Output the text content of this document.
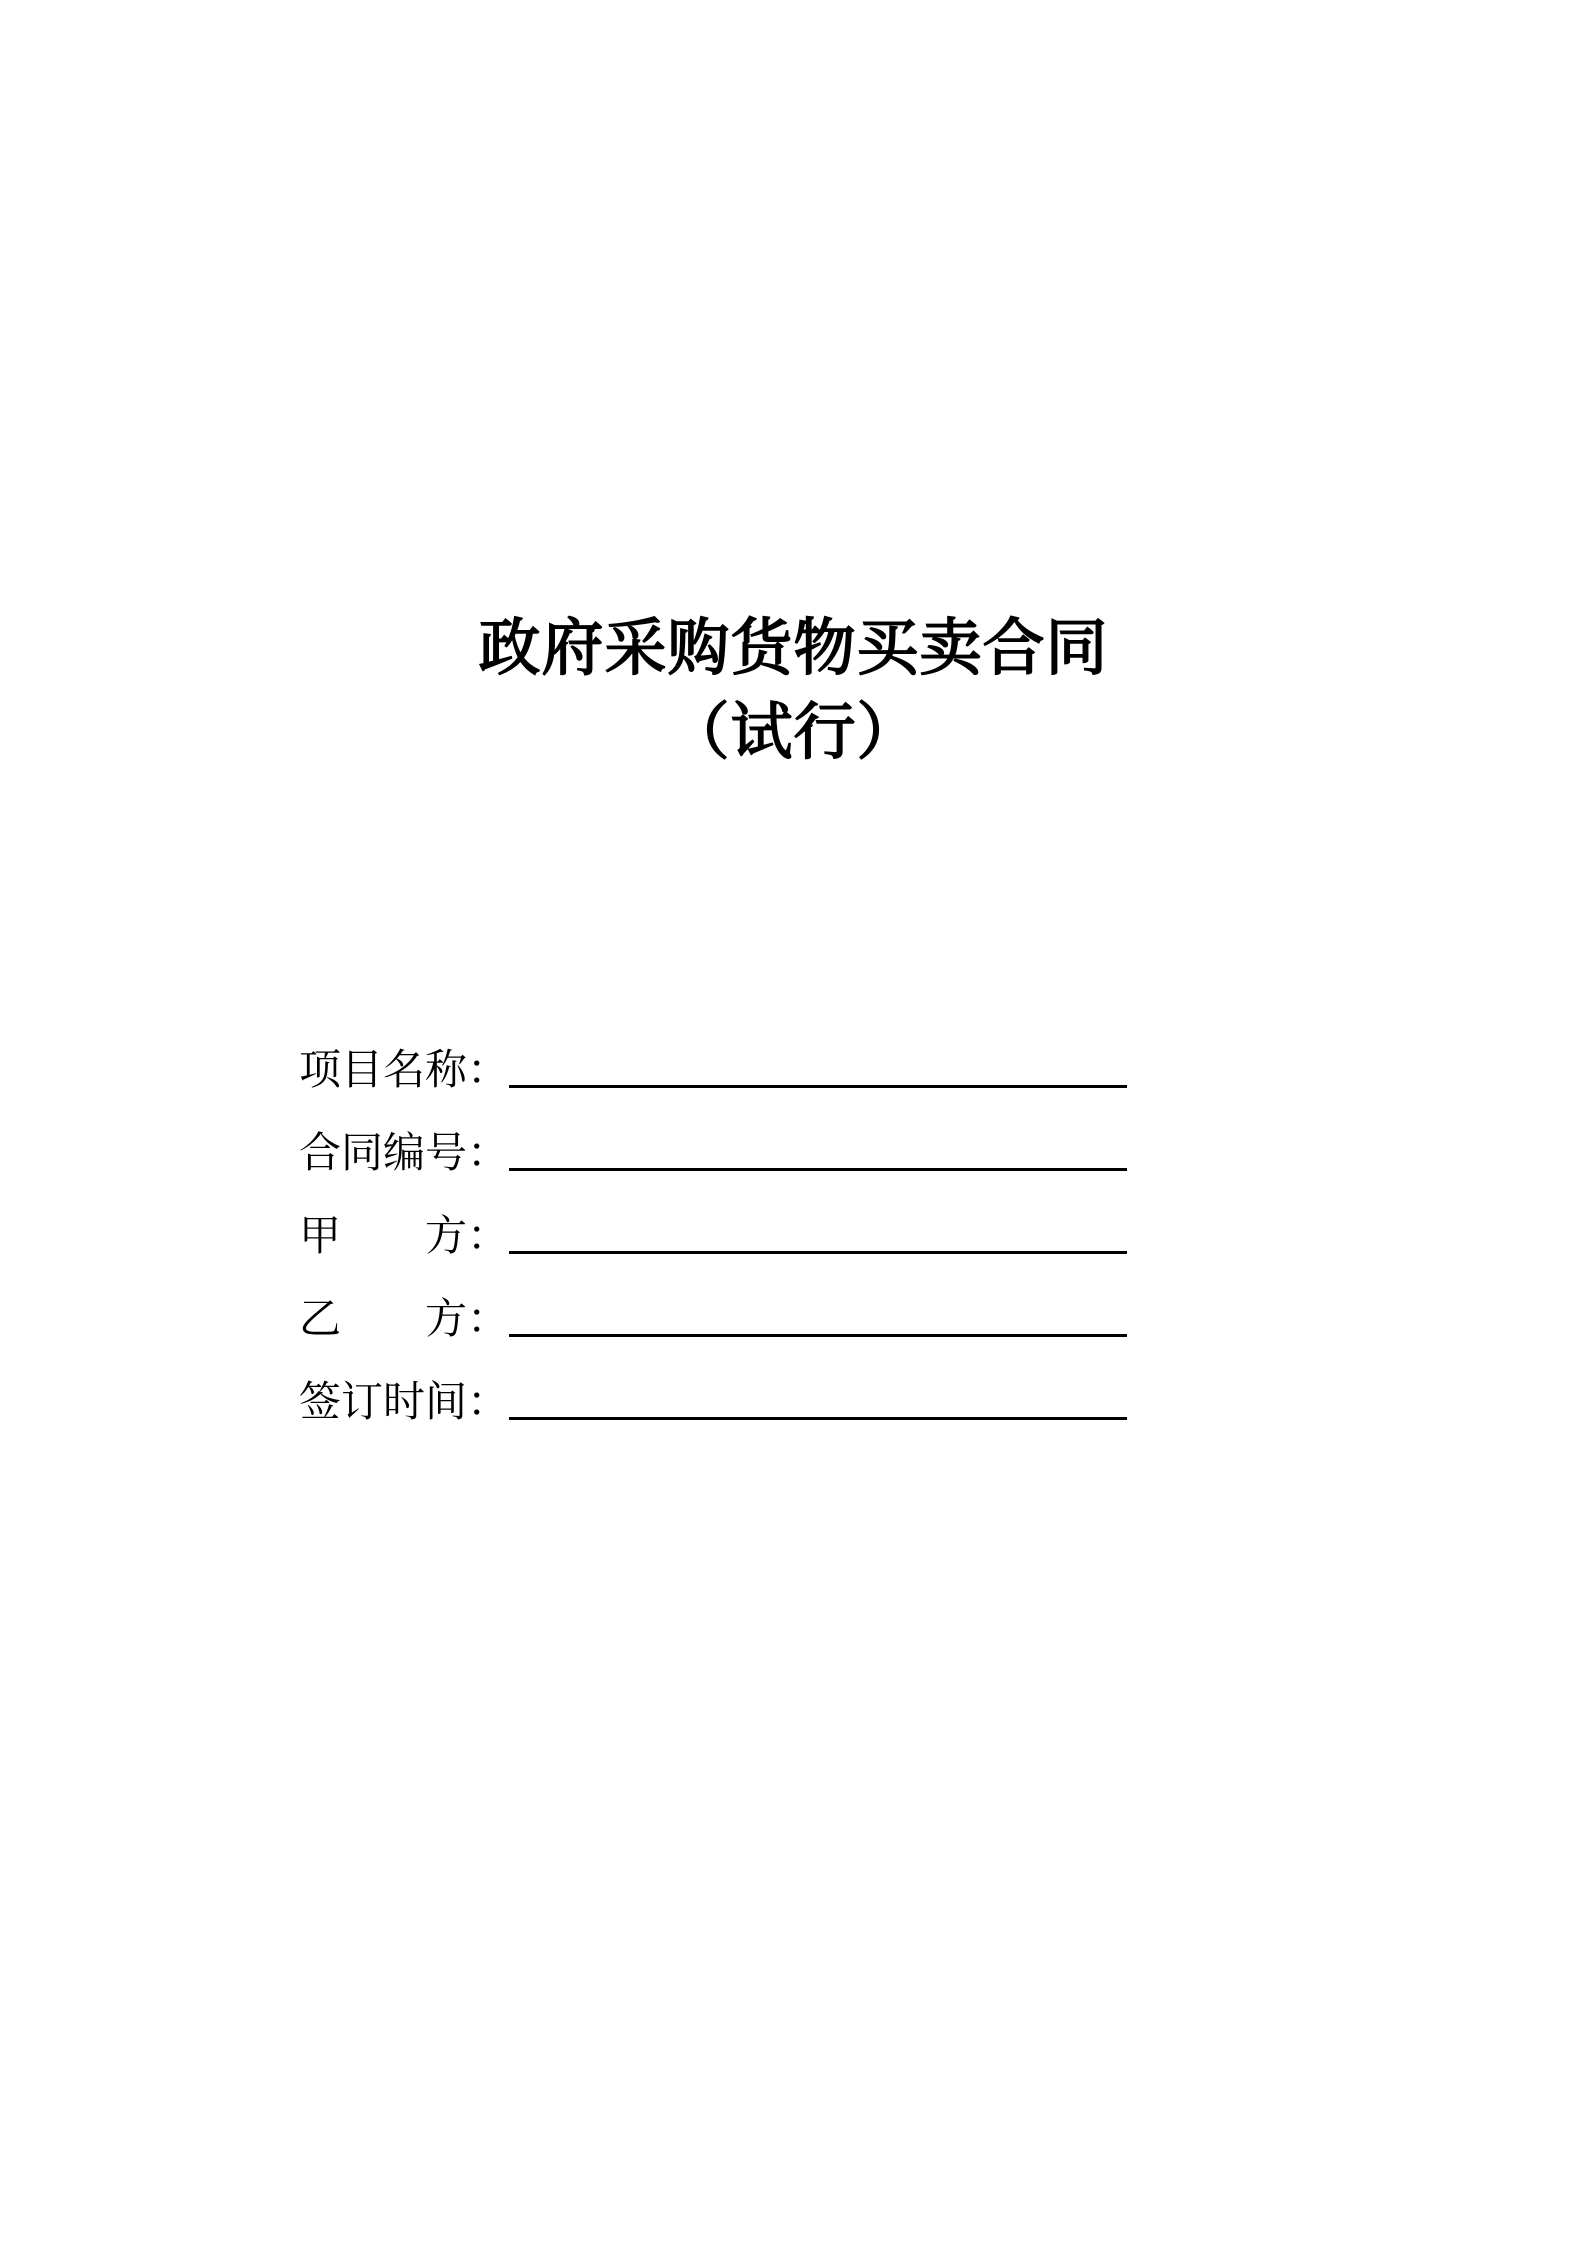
政府采购货物买卖合同
（试行）
项目名称：
合同编号：
甲　　方：
乙　　方：
签订时间：
